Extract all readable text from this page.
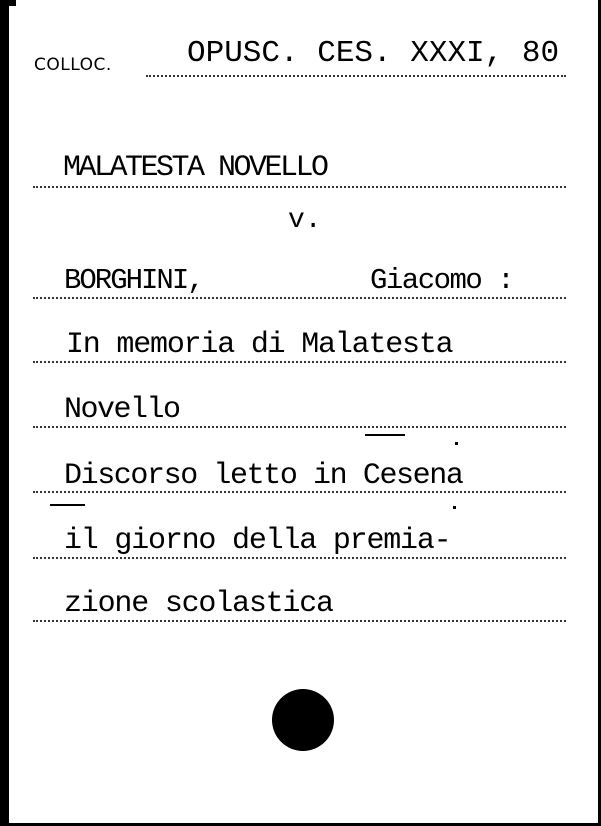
COLLOC. OPUSC. CES. XXXI, 80
MALATESTA NOVELLO
v.
BORGHINI,	Giacomo :
In memoria di Malatesta
Novello
Discorso letto in Cesena
il giorno della premia-
zione scolastica
